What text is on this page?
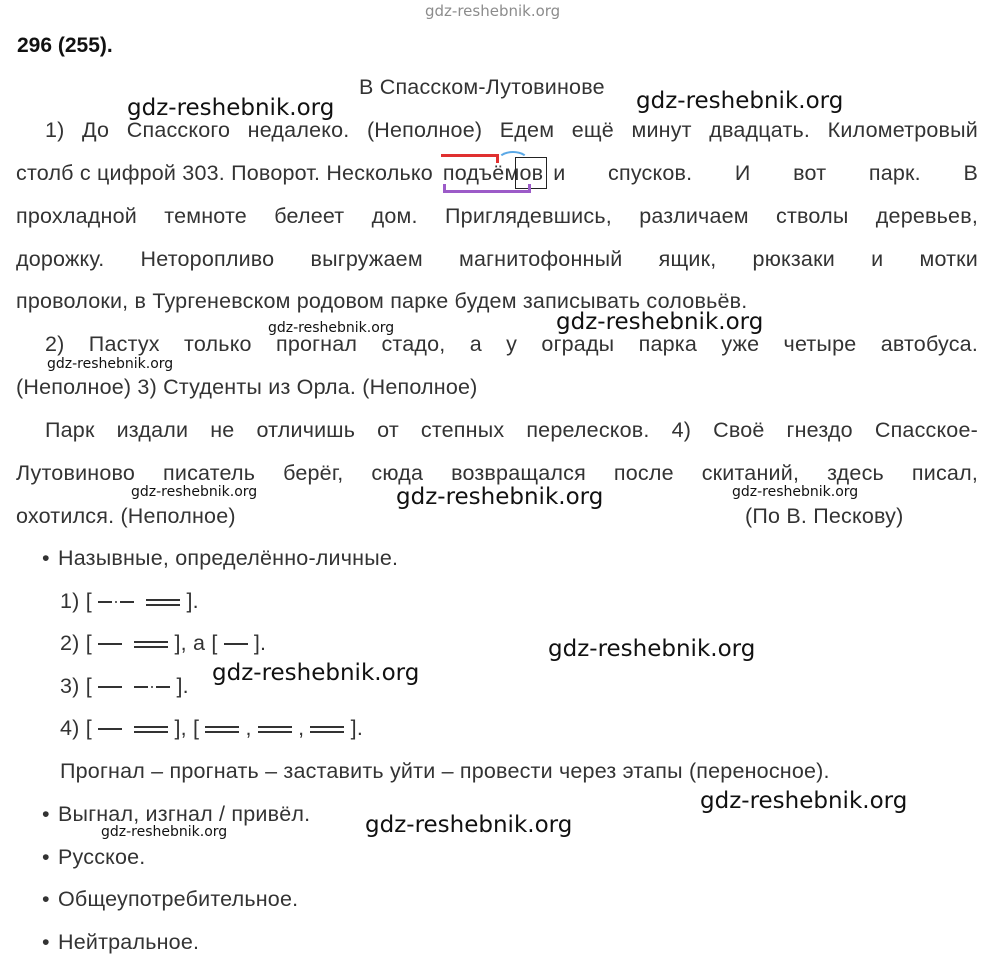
gdz-reshebnik.org
296 (255).
В Спасском-Лутовинове
1) До Спасского недалеко. (Неполное) Едем ещё минут двадцать. Километровый
столб с цифрой 303. Поворот. Несколько подъёмов и спусков. И вот парк. В
прохладной темноте белеет дом. Приглядевшись, различаем стволы деревьев,
дорожку. Неторопливо выгружаем магнитофонный ящик, рюкзаки и мотки
проволоки, в Тургеневском родовом парке будем записывать соловьёв.
2) Пастух только прогнал стадо, а у ограды парка уже четыре автобуса.
(Неполное) 3) Студенты из Орла. (Неполное)
Парк издали не отличишь от степных перелесков. 4) Своё гнездо Спасское-
Лутовиново писатель берёг, сюда возвращался после скитаний, здесь писал,
охотился. (Неполное)	(По В. Пескову)
• Назывные, определённо-личные.
1) [	].
2) [	], а [ ].
3) [	].
4) [	], [ , , ].
Прогнал – прогнать – заставить уйти – провести через этапы (переносное).
• Выгнал, изгнал / привёл.
• Русское.
• Общеупотребительное.
• Нейтральное.
gdz-reshebnik.org	gdz-reshebnik.org
gdz-reshebnik.org	gdz-reshebnik.org
gdz-reshebnik.org
gdz-reshebnik.org	gdz-reshebnik.org	gdz-reshebnik.org
gdz-reshebnik.org
gdz-reshebnik.org
gdz-reshebnik.org
gdz-reshebnik.org
gdz-reshebnik.org
